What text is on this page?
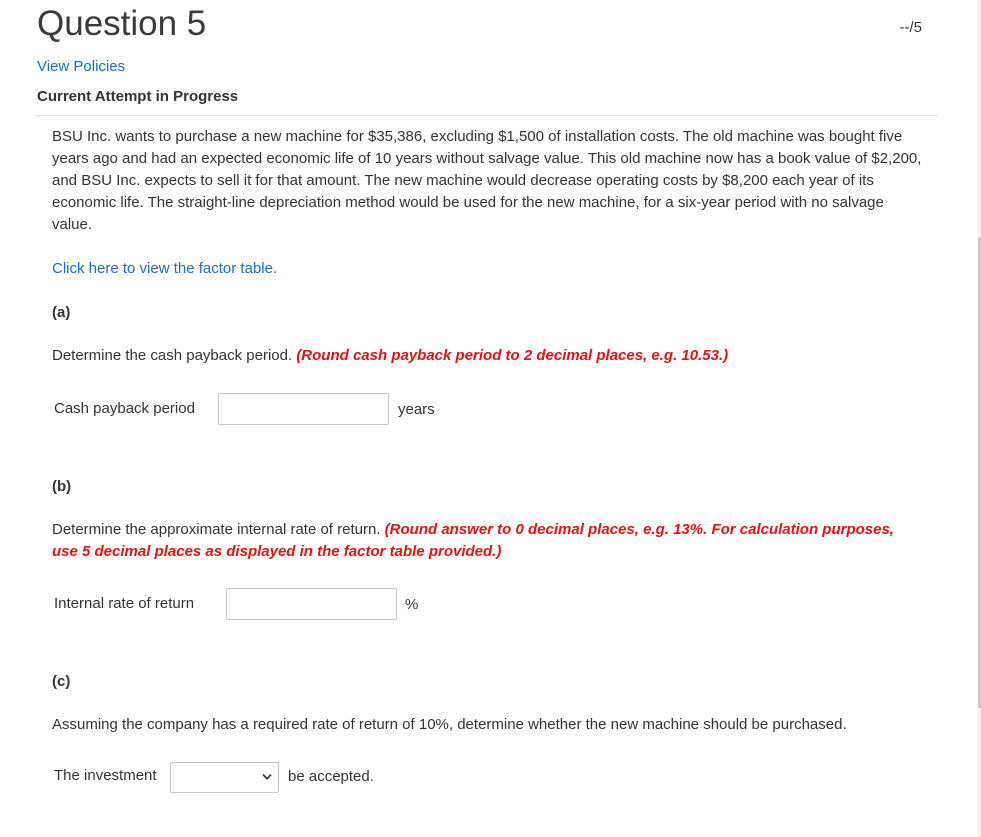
Question 5	--/5
View Policies
Current Attempt in Progress

BSU Inc. wants to purchase a new machine for $35,386, excluding $1,500 of installation costs. The old machine was bought five years ago and had an expected economic life of 10 years without salvage value. This old machine now has a book value of $2,200, and BSU Inc. expects to sell it for that amount. The new machine would decrease operating costs by $8,200 each year of its economic life. The straight-line depreciation method would be used for the new machine, for a six-year period with no salvage value.

Click here to view the factor table.
(a)

Determine the cash payback period. (Round cash payback period to 2 decimal places, e.g. 10.53.)

Cash payback period	years
(b)

Determine the approximate internal rate of return. (Round answer to 0 decimal places, e.g. 13%. For calculation purposes, use 5 decimal places as displayed in the factor table provided.)

Internal rate of return	%
(c)

Assuming the company has a required rate of return of 10%, determine whether the new machine should be purchased.

The investment	be accepted.
